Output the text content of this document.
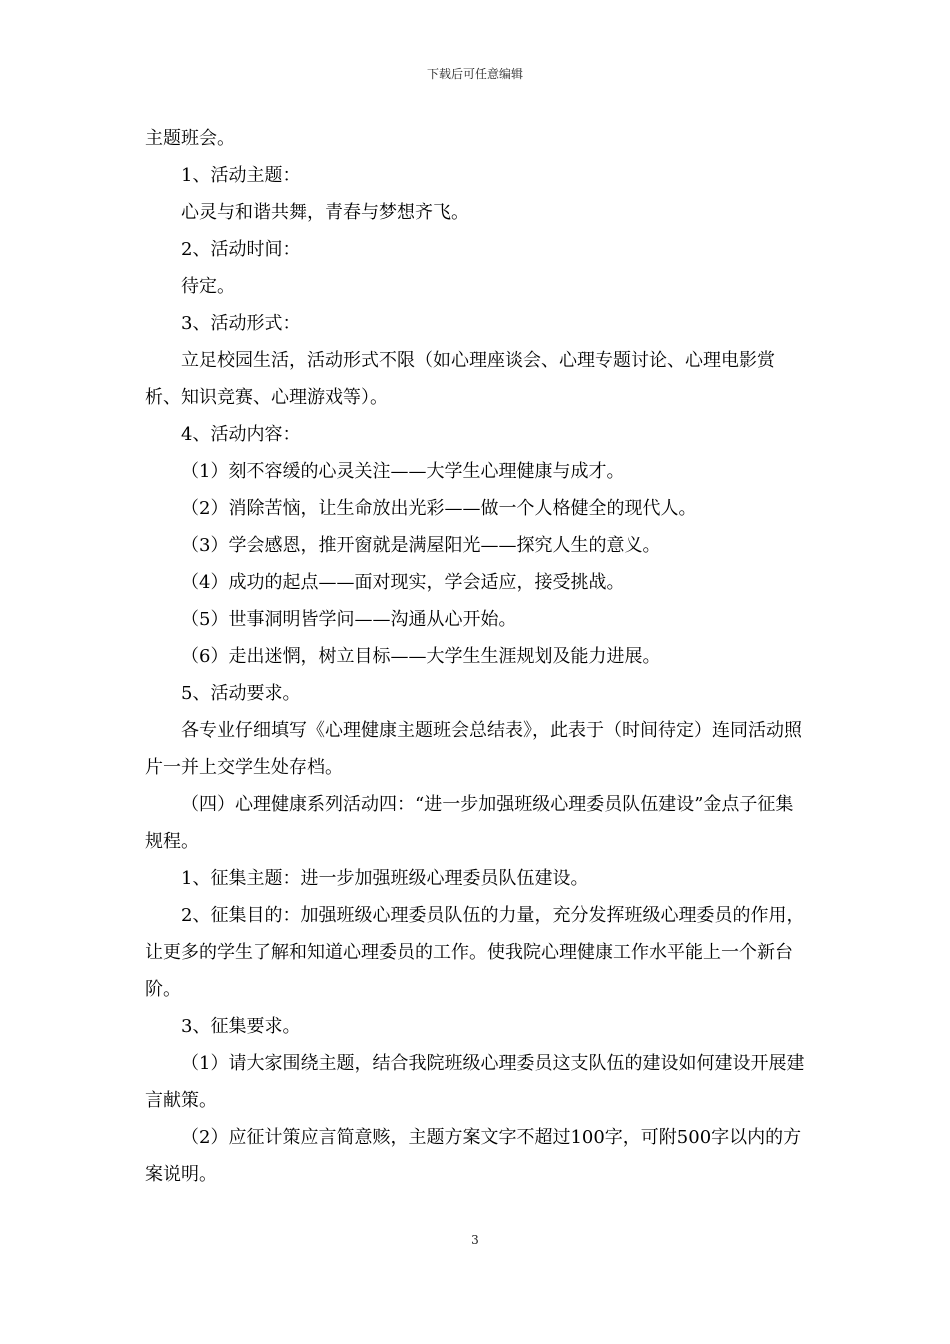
下载后可任意编辑

主题班会。

1、活动主题：

心灵与和谐共舞，青春与梦想齐飞。

2、活动时间：

待定。

3、活动形式：

立足校园生活，活动形式不限（如心理座谈会、心理专题讨论、心理电影赏析、知识竞赛、心理游戏等）。

4、活动内容：

（1）刻不容缓的心灵关注——大学生心理健康与成才。

（2）消除苦恼，让生命放出光彩——做一个人格健全的现代人。

（3）学会感恩，推开窗就是满屋阳光——探究人生的意义。

（4）成功的起点——面对现实，学会适应，接受挑战。

（5）世事洞明皆学问——沟通从心开始。

（6）走出迷惘，树立目标——大学生生涯规划及能力进展。

5、活动要求。

各专业仔细填写《心理健康主题班会总结表》，此表于（时间待定）连同活动照片一并上交学生处存档。

（四）心理健康系列活动四：“进一步加强班级心理委员队伍建设”金点子征集规程。

1、征集主题：进一步加强班级心理委员队伍建设。

2、征集目的：加强班级心理委员队伍的力量，充分发挥班级心理委员的作用，让更多的学生了解和知道心理委员的工作。使我院心理健康工作水平能上一个新台阶。

3、征集要求。

（1）请大家围绕主题，结合我院班级心理委员这支队伍的建设如何建设开展建言献策。

（2）应征计策应言简意赅，主题方案文字不超过100字，可附500字以内的方案说明。

3
